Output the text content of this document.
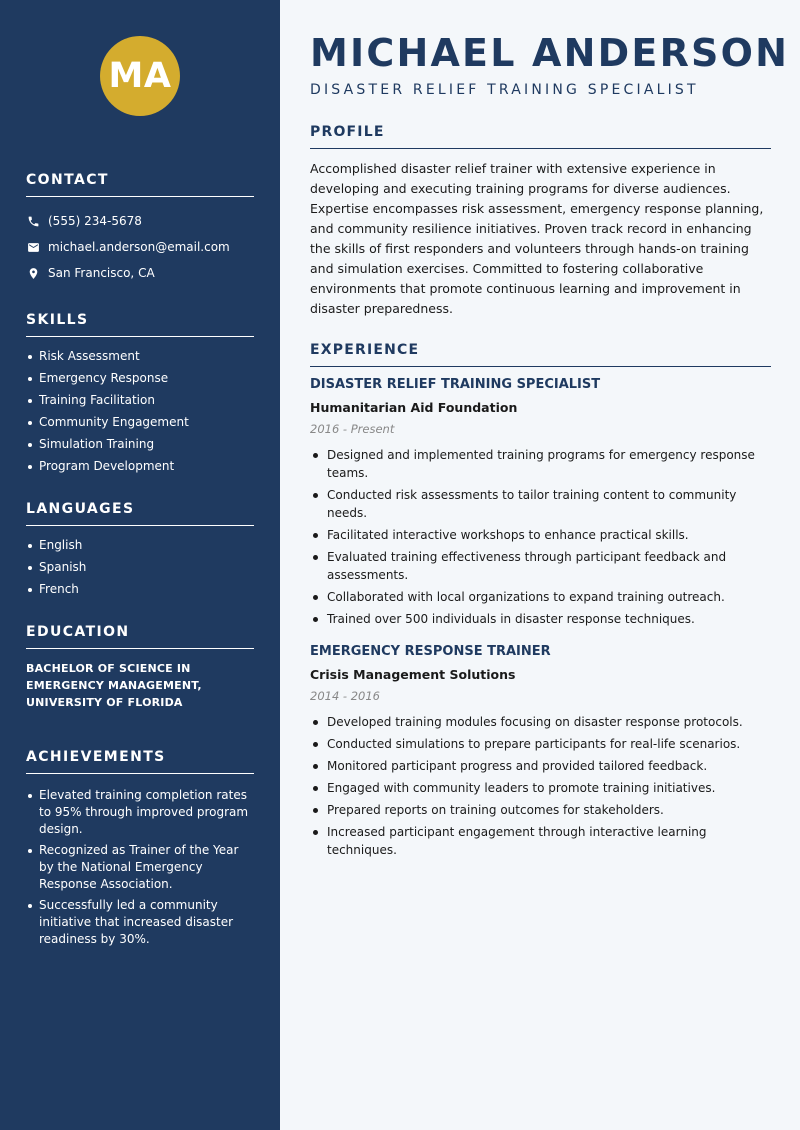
MA
CONTACT
(555) 234-5678
michael.anderson@email.com
San Francisco, CA
SKILLS
Risk Assessment
Emergency Response
Training Facilitation
Community Engagement
Simulation Training
Program Development
LANGUAGES
English
Spanish
French
EDUCATION

BACHELOR OF SCIENCE IN EMERGENCY MANAGEMENT, UNIVERSITY OF FLORIDA

ACHIEVEMENTS
Elevated training completion rates to 95% through improved program design.
Recognized as Trainer of the Year by the National Emergency Response Association.
Successfully led a community initiative that increased disaster readiness by 30%.
MICHAEL ANDERSON
DISASTER RELIEF TRAINING SPECIALIST
PROFILE

Accomplished disaster relief trainer with extensive experience in developing and executing training programs for diverse audiences. Expertise encompasses risk assessment, emergency response planning, and community resilience initiatives. Proven track record in enhancing the skills of first responders and volunteers through hands-on training and simulation exercises. Committed to fostering collaborative environments that promote continuous learning and improvement in disaster preparedness.

EXPERIENCE
DISASTER RELIEF TRAINING SPECIALIST
Humanitarian Aid Foundation
2016 - Present
Designed and implemented training programs for emergency response teams.
Conducted risk assessments to tailor training content to community needs.
Facilitated interactive workshops to enhance practical skills.
Evaluated training effectiveness through participant feedback and assessments.
Collaborated with local organizations to expand training outreach.
Trained over 500 individuals in disaster response techniques.
EMERGENCY RESPONSE TRAINER
Crisis Management Solutions
2014 - 2016
Developed training modules focusing on disaster response protocols.
Conducted simulations to prepare participants for real-life scenarios.
Monitored participant progress and provided tailored feedback.
Engaged with community leaders to promote training initiatives.
Prepared reports on training outcomes for stakeholders.
Increased participant engagement through interactive learning techniques.
